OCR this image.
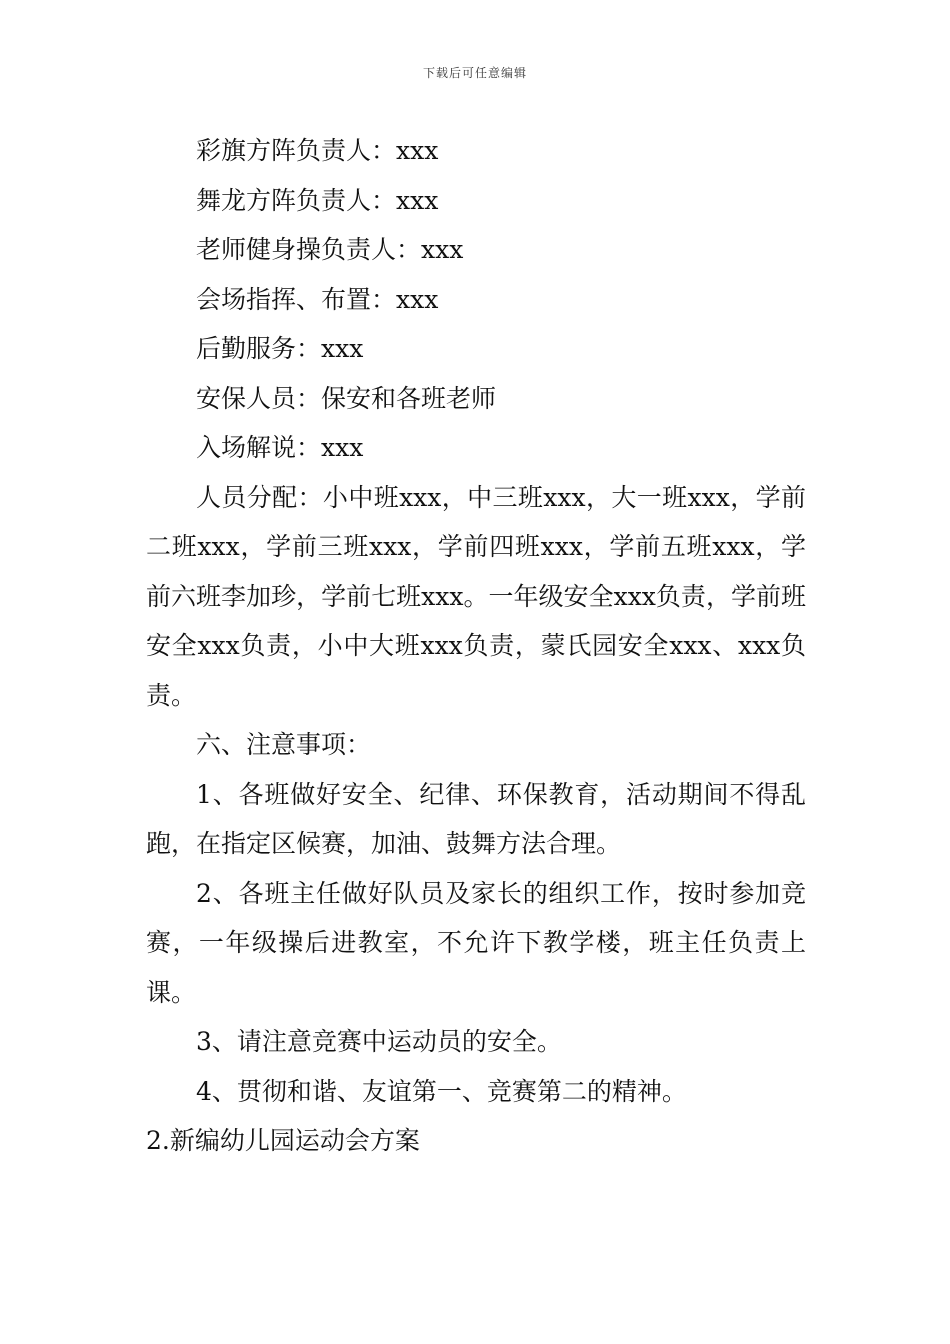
下载后可任意编辑

彩旗方阵负责人：xxx

舞龙方阵负责人：xxx

老师健身操负责人：xxx

会场指挥、布置：xxx

后勤服务：xxx

安保人员：保安和各班老师

入场解说：xxx

人员分配：小中班xxx，中三班xxx，大一班xxx，学前二班xxx，学前三班xxx，学前四班xxx，学前五班xxx，学前六班李加珍，学前七班xxx。一年级安全xxx负责，学前班安全xxx负责，小中大班xxx负责，蒙氏园安全xxx、xxx负责。

六、注意事项：

1、各班做好安全、纪律、环保教育，活动期间不得乱跑，在指定区候赛，加油、鼓舞方法合理。

2、各班主任做好队员及家长的组织工作，按时参加竞赛，一年级操后进教室，不允许下教学楼，班主任负责上课。

3、请注意竞赛中运动员的安全。

4、贯彻和谐、友谊第一、竞赛第二的精神。

2.新编幼儿园运动会方案
